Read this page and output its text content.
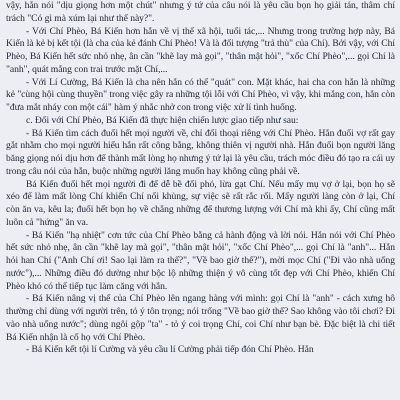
vậy, hắn nói "dịu giọng hơn một chút" nhưng ý tứ của câu nói là yêu cầu bọn họ giải tán, thâm chí trách "Có gì mà xúm lại như thế này?".

- Với Chí Phèo, Bá Kiến hơn hẳn về vị thế xã hội, tuổi tác,... Nhưng trong trường hợp này, Bá Kiến là kẻ bị kết tội (là cha của kẻ đánh Chí Phèo! Và là đối tượng "trả thù" của Chí). Bởi vậy, với Chí Phèo, Bá Kiến hết sức nhỏ nhẹ, ân cần "khẽ lay mà gọi", "thân mật hỏi", "xốc Chí Phèo",... gọi Chí là "anh", quát mắng con trai trước mặt Chí,...

- Với Lí Cường, Bá Kiến là cha nên hắn có thể "quát" con. Mặt khác, hai cha con hắn là những kẻ "cùng hội cùng thuyền" trong việc gây ra những tội lỗi với Chí Phèo, vì vậy, khi mắng con, hắn còn "đưa mắt nháy con một cái" hàm ý nhắc nhở con trong việc xử lí tình huống.

c. Đối với Chí Phèo, Bá Kiến đã thực hiện chiến lược giao tiếp như sau:

- Bá Kiến tìm cách đuổi hết mọi người về, chỉ đối thoại riêng với Chí Phèo. Hắn đuổi vợ rất gay gắt nhằm cho mọi người hiểu hắn rất công bằng, không thiên vị người nhà. Hắn đuổi bọn người lăng băng giọng nói dịu hơn để thành mất lòng họ nhưng ý tứ lại là yêu cầu, trách móc điều đó tạo ra cái uy trong câu nói của hắn, buộc những người lăng muốn hay không cũng phải về.

Bá Kiến đuổi hết mọi người đi để dễ bề đối phó, lừa gạt Chí. Nếu mấy mụ vợ ở lại, bọn họ sẽ xéo để làm mất lòng Chí khiến Chí nổi khùng, sự việc sẽ rất rắc rối. Mấy người làng còn ở lại, Chí còn ăn va, kêu la; đuổi hết bọn họ về chẳng những để thương lượng với Chí mà khi ấy, Chí cũng mất luôn cả "hứng" ăn va.

- Bá Kiến "hạ nhiệt" cơn tức của Chí Phèo bằng cả hành động và lời nói. Hắn nói với Chí Phèo hết sức nhỏ nhẹ, ân cần "khẽ lay mà gọi", "thân mật hỏi", "xốc Chí Phèo",... gọi Chí là "anh"... Hắn hỏi han Chí ("Anh Chí ơi! Sao lại làm ra thế?", "Về bao giờ thế?"), mời mọc Chí ("Đi vào nhà uống nước"),... Những điều đó dường như bộc lộ những thiện ý vô cùng tốt đẹp với Chí Phèo, khiến Chí Phèo khó có thể tiếp tục làm căng với hắn.

- Bá Kiến nâng vị thế của Chí Phèo lên ngang hàng với mình: gọi Chí là "anh" - cách xưng hô thường chỉ dùng với người trên, tỏ ý tôn trọng; nói trống "Về bao giờ thế? Sao không vào tôi chơi? Đi vào nhà uống nước"; dùng ngôi gộp "ta" - tỏ ý coi trọng Chí, coi Chí như bạn bè. Đặc biệt là chi tiết Bá Kiến nhận là cố họ với Chí Phèo.

- Bá Kiến kết tội lí Cường và yêu cầu lí Cường phải tiếp đón Chí Phèo. Hắn
